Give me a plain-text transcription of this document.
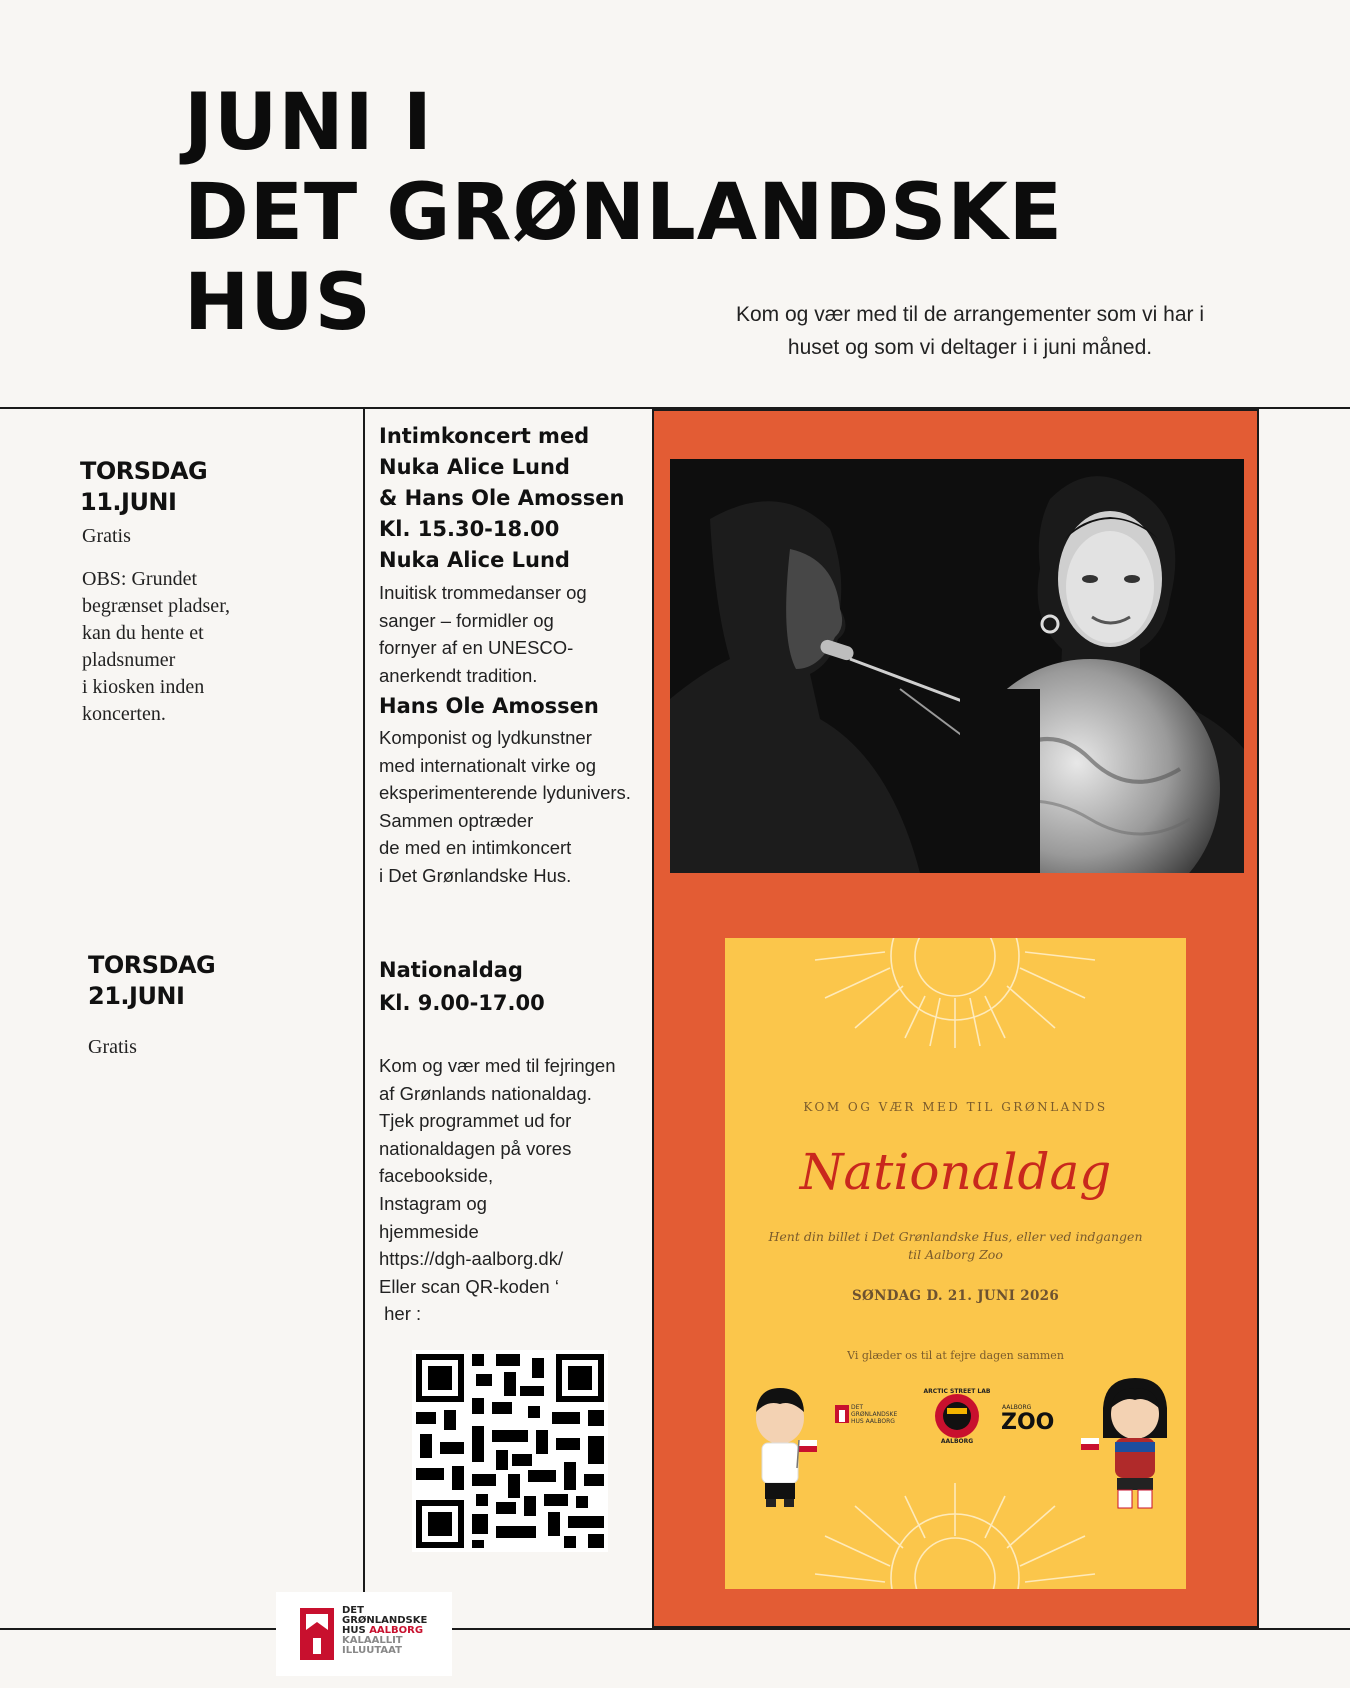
JUNI I
DET GRØNLANDSKE
HUS	Kom og vær med til de arrangementer som vi har i
huset og som vi deltager i i juni måned.
TORSDAG
11.JUNI
Gratis
OBS: Grundet
begrænset pladser,
kan du hente et
pladsnumer
i kiosken inden
koncerten.
Intimkoncert med
Nuka Alice Lund
& Hans Ole Amossen
Kl. 15.30-18.00
Nuka Alice Lund
Inuitisk trommedanser og
sanger – formidler og
fornyer af en UNESCO-
anerkendt tradition.
Hans Ole Amossen
Komponist og lydkunstner
med internationalt virke og
eksperimenterende lydunivers.
Sammen optræder
de med en intimkoncert
i Det Grønlandske Hus.
TORSDAG
21.JUNI
Gratis
Nationaldag
Kl. 9.00-17.00
Kom og vær med til fejringen
af Grønlands nationaldag.
Tjek programmet ud for
nationaldagen på vores
facebookside,
Instagram og
hjemmeside
https://dgh-aalborg.dk/
Eller scan QR-koden ‘
her :
KOM OG VÆR MED TIL GRØNLANDS
Nationaldag
Hent din billet i Det Grønlandske Hus, eller ved indgangen
til Aalborg Zoo
SØNDAG D. 21. JUNI 2026
Vi glæder os til at fejre dagen sammen
DET
GRØNLANDSKE
HUS AALBORG
ARCTIC STREET LAB
AALBORG
AALBORG
ZOO
DET
GRØNLANDSKE
HUS AALBORG
KALAALLIT
ILLUUTAAT
